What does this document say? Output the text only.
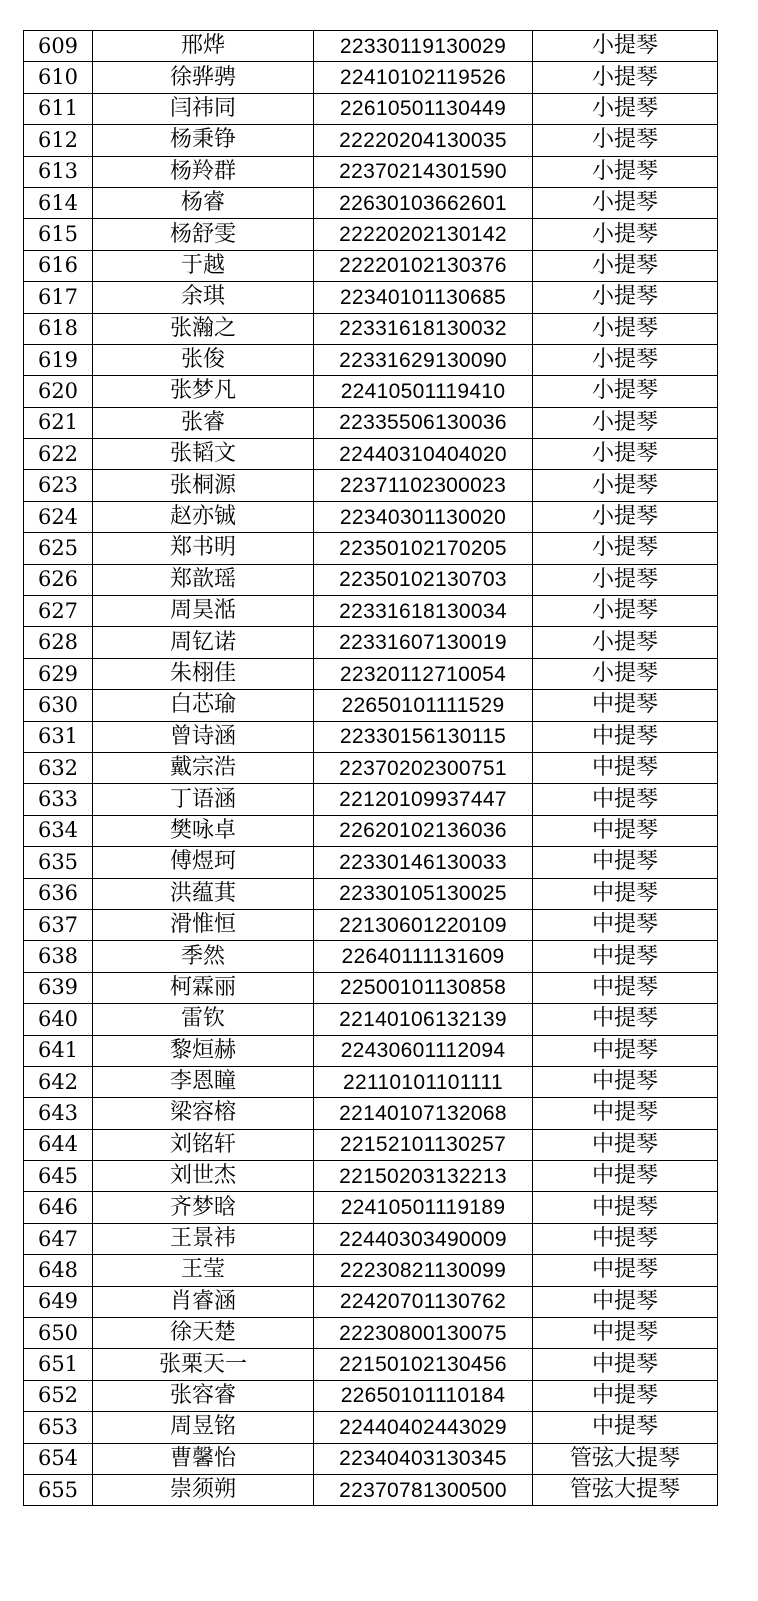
609	邢烨	22330119130029	小提琴
610	徐骅骋	22410102119526	小提琴
611	闫祎同	22610501130449	小提琴
612	杨秉铮	22220204130035	小提琴
613	杨羚群	22370214301590	小提琴
614	杨睿	22630103662601	小提琴
615	杨舒雯	22220202130142	小提琴
616	于越	22220102130376	小提琴
617	余琪	22340101130685	小提琴
618	张瀚之	22331618130032	小提琴
619	张俊	22331629130090	小提琴
620	张梦凡	22410501119410	小提琴
621	张睿	22335506130036	小提琴
622	张韬文	22440310404020	小提琴
623	张桐源	22371102300023	小提琴
624	赵亦铖	22340301130020	小提琴
625	郑书明	22350102170205	小提琴
626	郑歆瑶	22350102130703	小提琴
627	周昊湉	22331618130034	小提琴
628	周钇诺	22331607130019	小提琴
629	朱栩佳	22320112710054	小提琴
630	白芯瑜	22650101111529	中提琴
631	曾诗涵	22330156130115	中提琴
632	戴宗浩	22370202300751	中提琴
633	丁语涵	22120109937447	中提琴
634	樊咏卓	22620102136036	中提琴
635	傅煜珂	22330146130033	中提琴
636	洪蕴萁	22330105130025	中提琴
637	滑惟恒	22130601220109	中提琴
638	季然	22640111131609	中提琴
639	柯霖丽	22500101130858	中提琴
640	雷钦	22140106132139	中提琴
641	黎烜赫	22430601112094	中提琴
642	李恩瞳	22110101101111	中提琴
643	梁容榕	22140107132068	中提琴
644	刘铭轩	22152101130257	中提琴
645	刘世杰	22150203132213	中提琴
646	齐梦晗	22410501119189	中提琴
647	王景祎	22440303490009	中提琴
648	王莹	22230821130099	中提琴
649	肖睿涵	22420701130762	中提琴
650	徐天楚	22230800130075	中提琴
651	张栗天一	22150102130456	中提琴
652	张容睿	22650101110184	中提琴
653	周昱铭	22440402443029	中提琴
654	曹馨怡	22340403130345	管弦大提琴
655	崇须朔	22370781300500	管弦大提琴
